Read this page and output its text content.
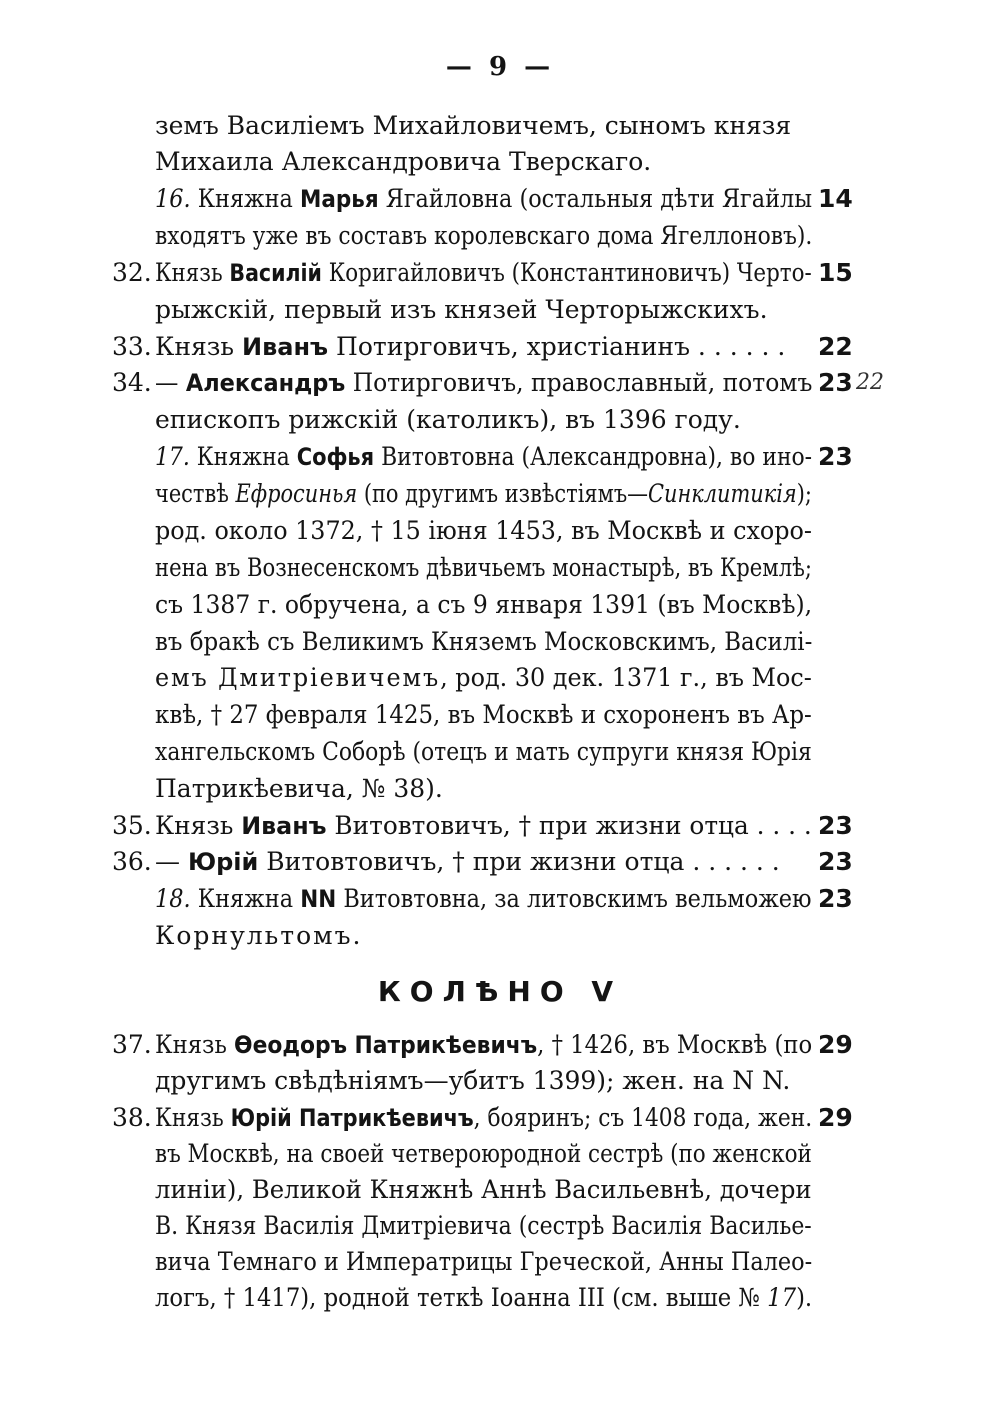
— 9 —
земъ Василіемъ Михайловичемъ, сыномъ князя
Михаила Александровича Тверскаго.
16. Княжна Марья Ягайловна (остальныя дѣти Ягайлы 14
входятъ уже въ составъ королевскаго дома Ягеллоновъ).
32. Князь Василій Коригайловичъ (Константиновичъ) Черто- 15
рыжскій, первый изъ князей Черторыжскихъ.
33. Князь Иванъ Потирговичъ, христіанинъ . . . . . . 22
34. — Александръ Потирговичъ, православный, потомъ 23 22
епископъ рижскій (католикъ), въ 1396 году.
17. Княжна Софья Витовтовна (Александровна), во ино- 23
чествѣ Ефросинья (по другимъ извѣстіямъ—Синклитикія);
род. около 1372, † 15 іюня 1453, въ Москвѣ и схоро-
нена въ Вознесенскомъ дѣвичьемъ монастырѣ, въ Кремлѣ;
съ 1387 г. обручена, а съ 9 января 1391 (въ Москвѣ),
въ бракѣ съ Великимъ Княземъ Московскимъ, Василі-
емъ Дмитріевичемъ, род. 30 дек. 1371 г., въ Мос-
квѣ, † 27 февраля 1425, въ Москвѣ и схороненъ въ Ар-
хангельскомъ Соборѣ (отецъ и мать супруги князя Юрія
Патрикѣевича, № 38).
35. Князь Иванъ Витовтовичъ, † при жизни отца . . . . 23
36. — Юрій Витовтовичъ, † при жизни отца . . . . . . 23
18. Княжна NN Витовтовна, за литовскимъ вельможею 23
Корнультомъ.
КОЛѢНО V
37. Князь Ѳеодоръ Патрикѣевичъ, † 1426, въ Москвѣ (по 29
другимъ свѣдѣніямъ—убитъ 1399); жен. на N N.
38. Князь Юрій Патрикѣевичъ, бояринъ; съ 1408 года, жен. 29
въ Москвѣ, на своей четвероюродной сестрѣ (по женской
линіи), Великой Княжнѣ Аннѣ Васильевнѣ, дочери
В. Князя Василія Дмитріевича (сестрѣ Василія Василье-
вича Темнаго и Императрицы Греческой, Анны Палео-
логъ, † 1417), родной теткѣ Іоанна III (см. выше № 17).
